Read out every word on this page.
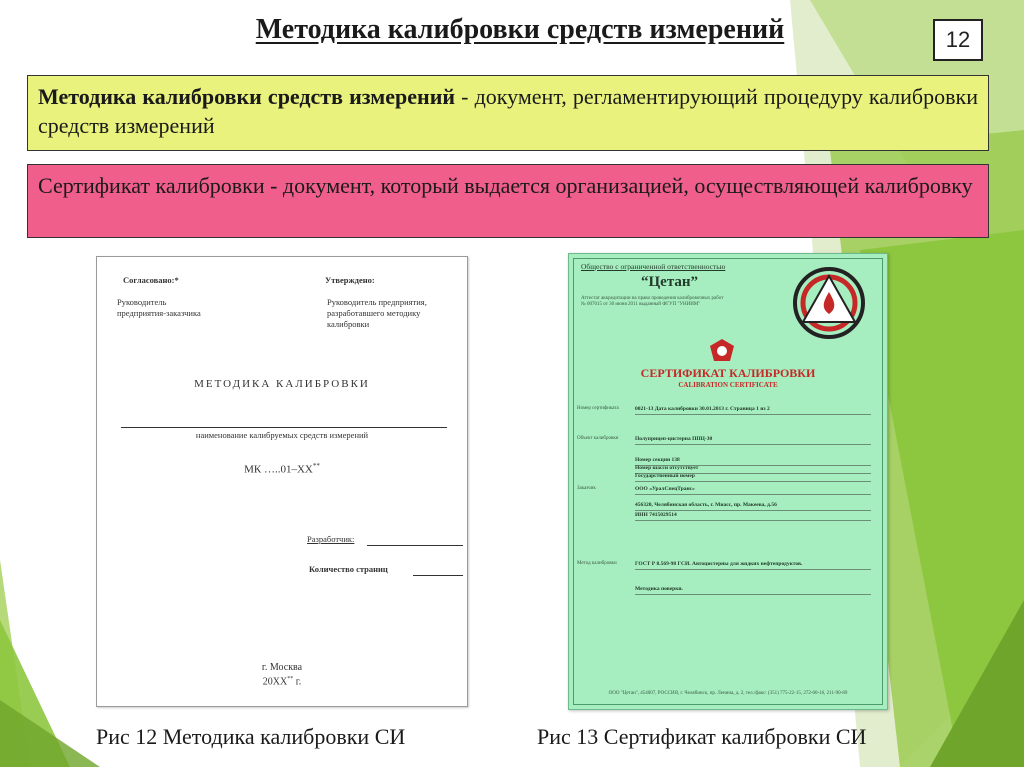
Методика калибровки средств измерений	12
Методика калибровки средств измерений - документ, регламентирующий процедуру калибровки средств измерений
Сертификат калибровки - документ, который выдается организацией, осуществляющей калибровку
Согласовано:*	Утверждено:
Руководитель
предприятия-заказчика
Руководитель предприятия,
разработавшего методику
калибровки
МЕТОДИКА КАЛИБРОВКИ
наименование калибруемых средств измерений
МК …..01–XX**
Разработчик:
Количество страниц
г. Москва
20XX** г.
Общество с ограниченной ответственностью
“Цетан”
Аттестат аккредитации на право проведения калибровочных работ
№ 007015 от 30 июня 2011 выданный ФГУП "УНИИМ"
СЕРТИФИКАТ КАЛИБРОВКИ
CALIBRATION CERTIFICATE
Номер сертификата	0021-13 Дата калибровки 30.01.2013 г. Страница 1 из 2
Объект калибровки	Полуприцеп-цистерна ППЦ-30
Номер секции 138
Номер шасси отсутствует
Государственный номер
Заказчик	ООО «УралСпецТранс»
456320, Челябинская область, г. Миасс, пр. Макеева, д.56
ИНН 7415029514
Метод калибровки	ГОСТ Р 8.569-98 ГСИ. Автоцистерны для жидких нефтепродуктов.
Методика поверки.
ООО "Цетан", 454007, РОССИЯ, г. Челябинск, пр. Ленина, д. 2, тел./факс: (351) 775-22-15, 272-00-16, 211-90-89
Рис 12 Методика калибровки СИ	Рис 13 Сертификат калибровки СИ
